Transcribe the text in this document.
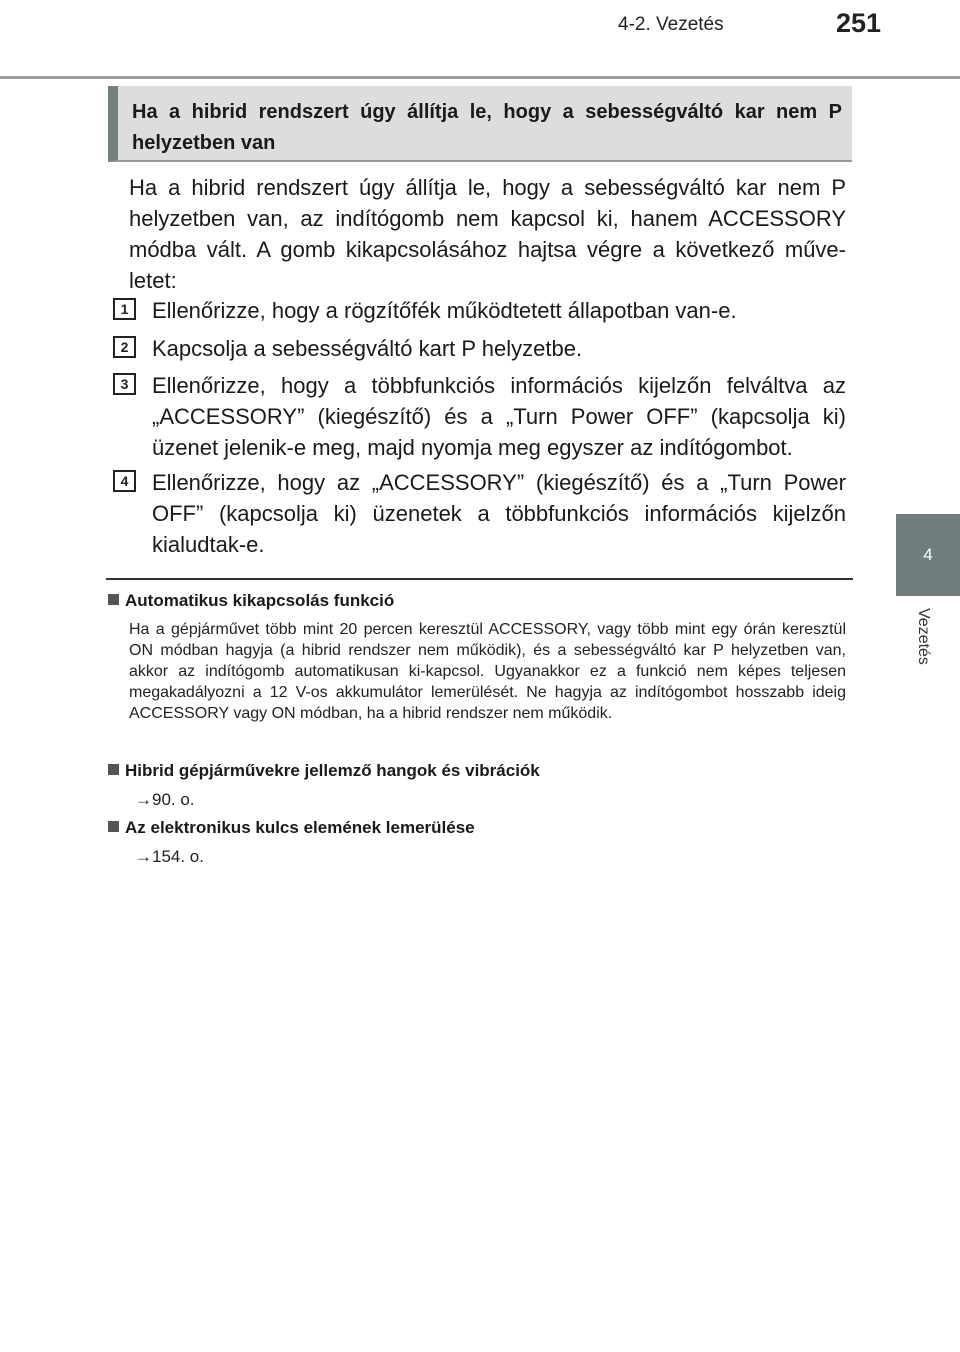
4-2. Vezetés	251
4
Vezetés
Ha a hibrid rendszert úgy állítja le, hogy a sebességváltó kar nem P helyzetben van

Ha a hibrid rendszert úgy állítja le, hogy a sebességváltó kar nem P helyzetben van, az indítógomb nem kapcsol ki, hanem ACCESSORY módba vált. A gomb kikapcsolásához hajtsa végre a következő műve-letet:

1	Ellenőrizze, hogy a rögzítőfék működtetett állapotban van-e.

2	Kapcsolja a sebességváltó kart P helyzetbe.

3	Ellenőrizze, hogy a többfunkciós információs kijelzőn felváltva az „ACCESSORY” (kiegészítő) és a „Turn Power OFF” (kapcsolja ki) üzenet jelenik-e meg, majd nyomja meg egyszer az indítógombot.

4	Ellenőrizze, hogy az „ACCESSORY” (kiegészítő) és a „Turn Power OFF” (kapcsolja ki) üzenetek a többfunkciós információs kijelzőn kialudtak-e.

Automatikus kikapcsolás funkció

Ha a gépjárművet több mint 20 percen keresztül ACCESSORY, vagy több mint egy órán keresztül ON módban hagyja (a hibrid rendszer nem működik), és a sebességváltó kar P helyzetben van, akkor az indítógomb automatikusan ki-kapcsol. Ugyanakkor ez a funkció nem képes teljesen megakadályozni a 12 V-os akkumulátor lemerülését. Ne hagyja az indítógombot hosszabb ideig ACCESSORY vagy ON módban, ha a hibrid rendszer nem működik.

Hibrid gépjárművekre jellemző hangok és vibrációk
→90. o.
Az elektronikus kulcs elemének lemerülése
→154. o.
